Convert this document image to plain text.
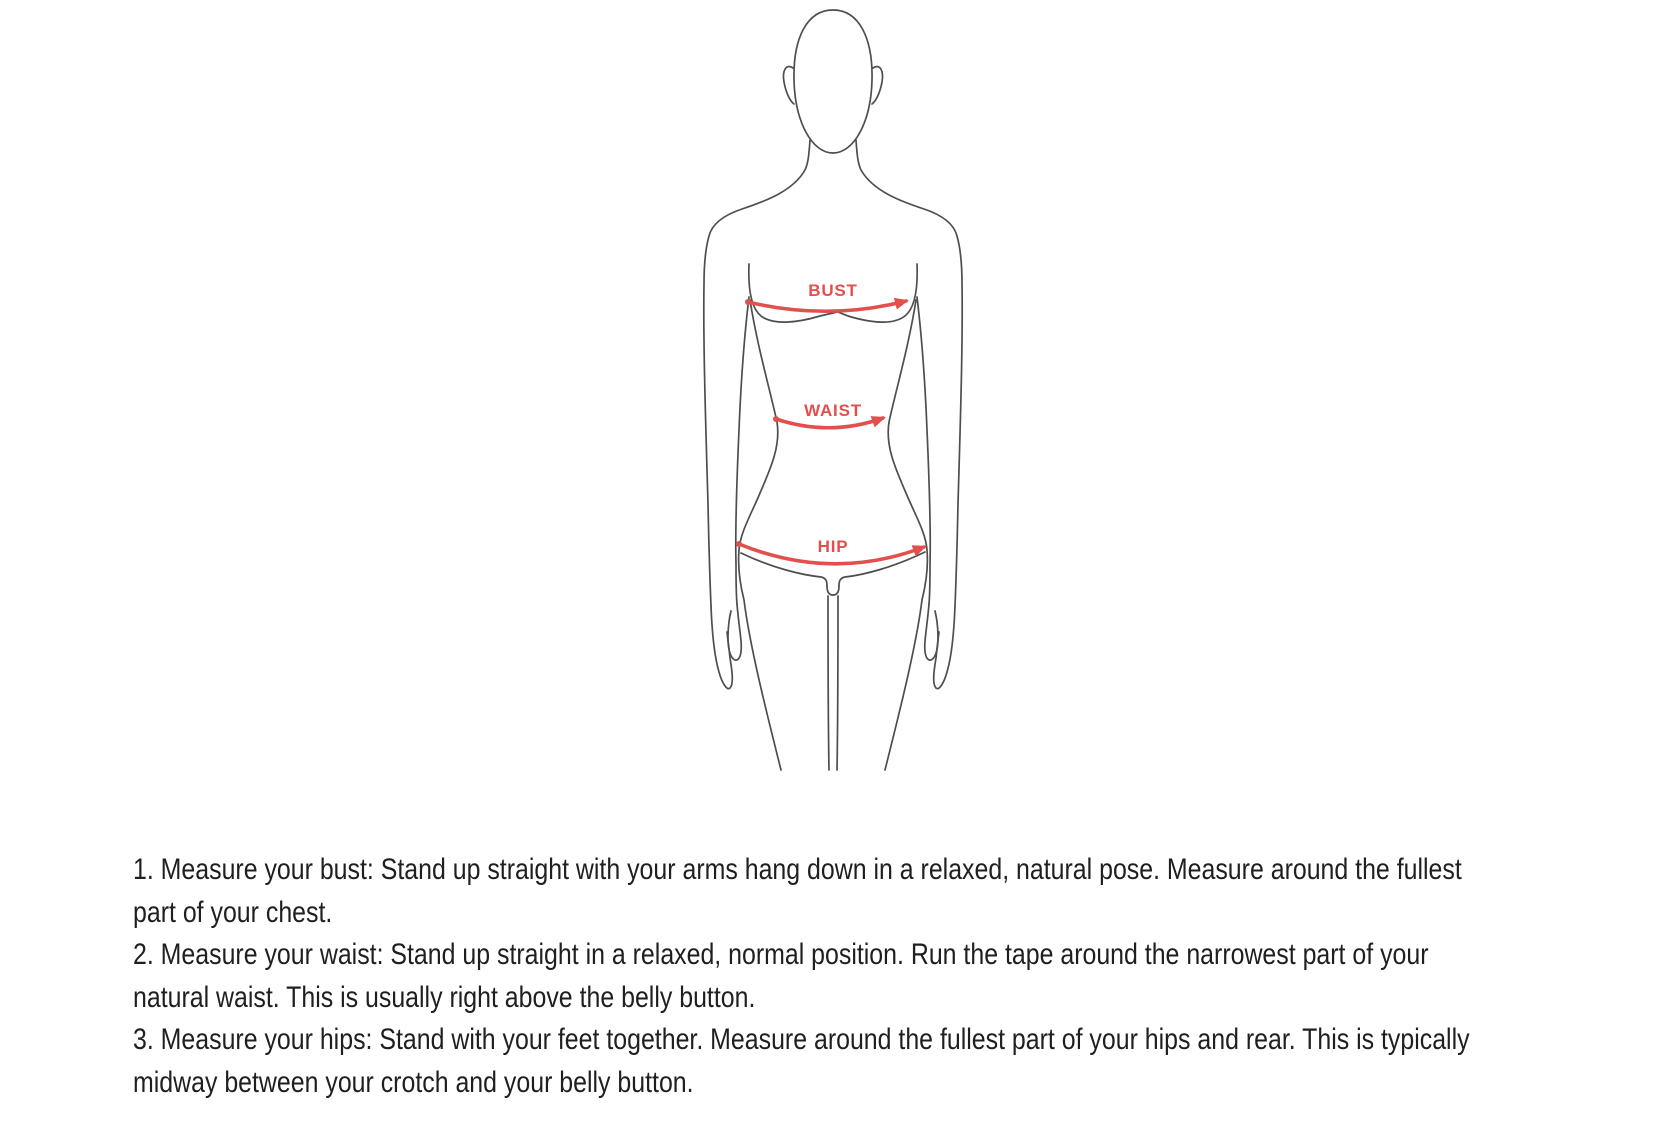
BUST
WAIST
HIP
1. Measure your bust: Stand up straight with your arms hang down in a relaxed, natural pose. Measure around the fullest
part of your chest.
2. Measure your waist: Stand up straight in a relaxed, normal position. Run the tape around the narrowest part of your
natural waist. This is usually right above the belly button.
3. Measure your hips: Stand with your feet together. Measure around the fullest part of your hips and rear. This is typically
midway between your crotch and your belly button.
